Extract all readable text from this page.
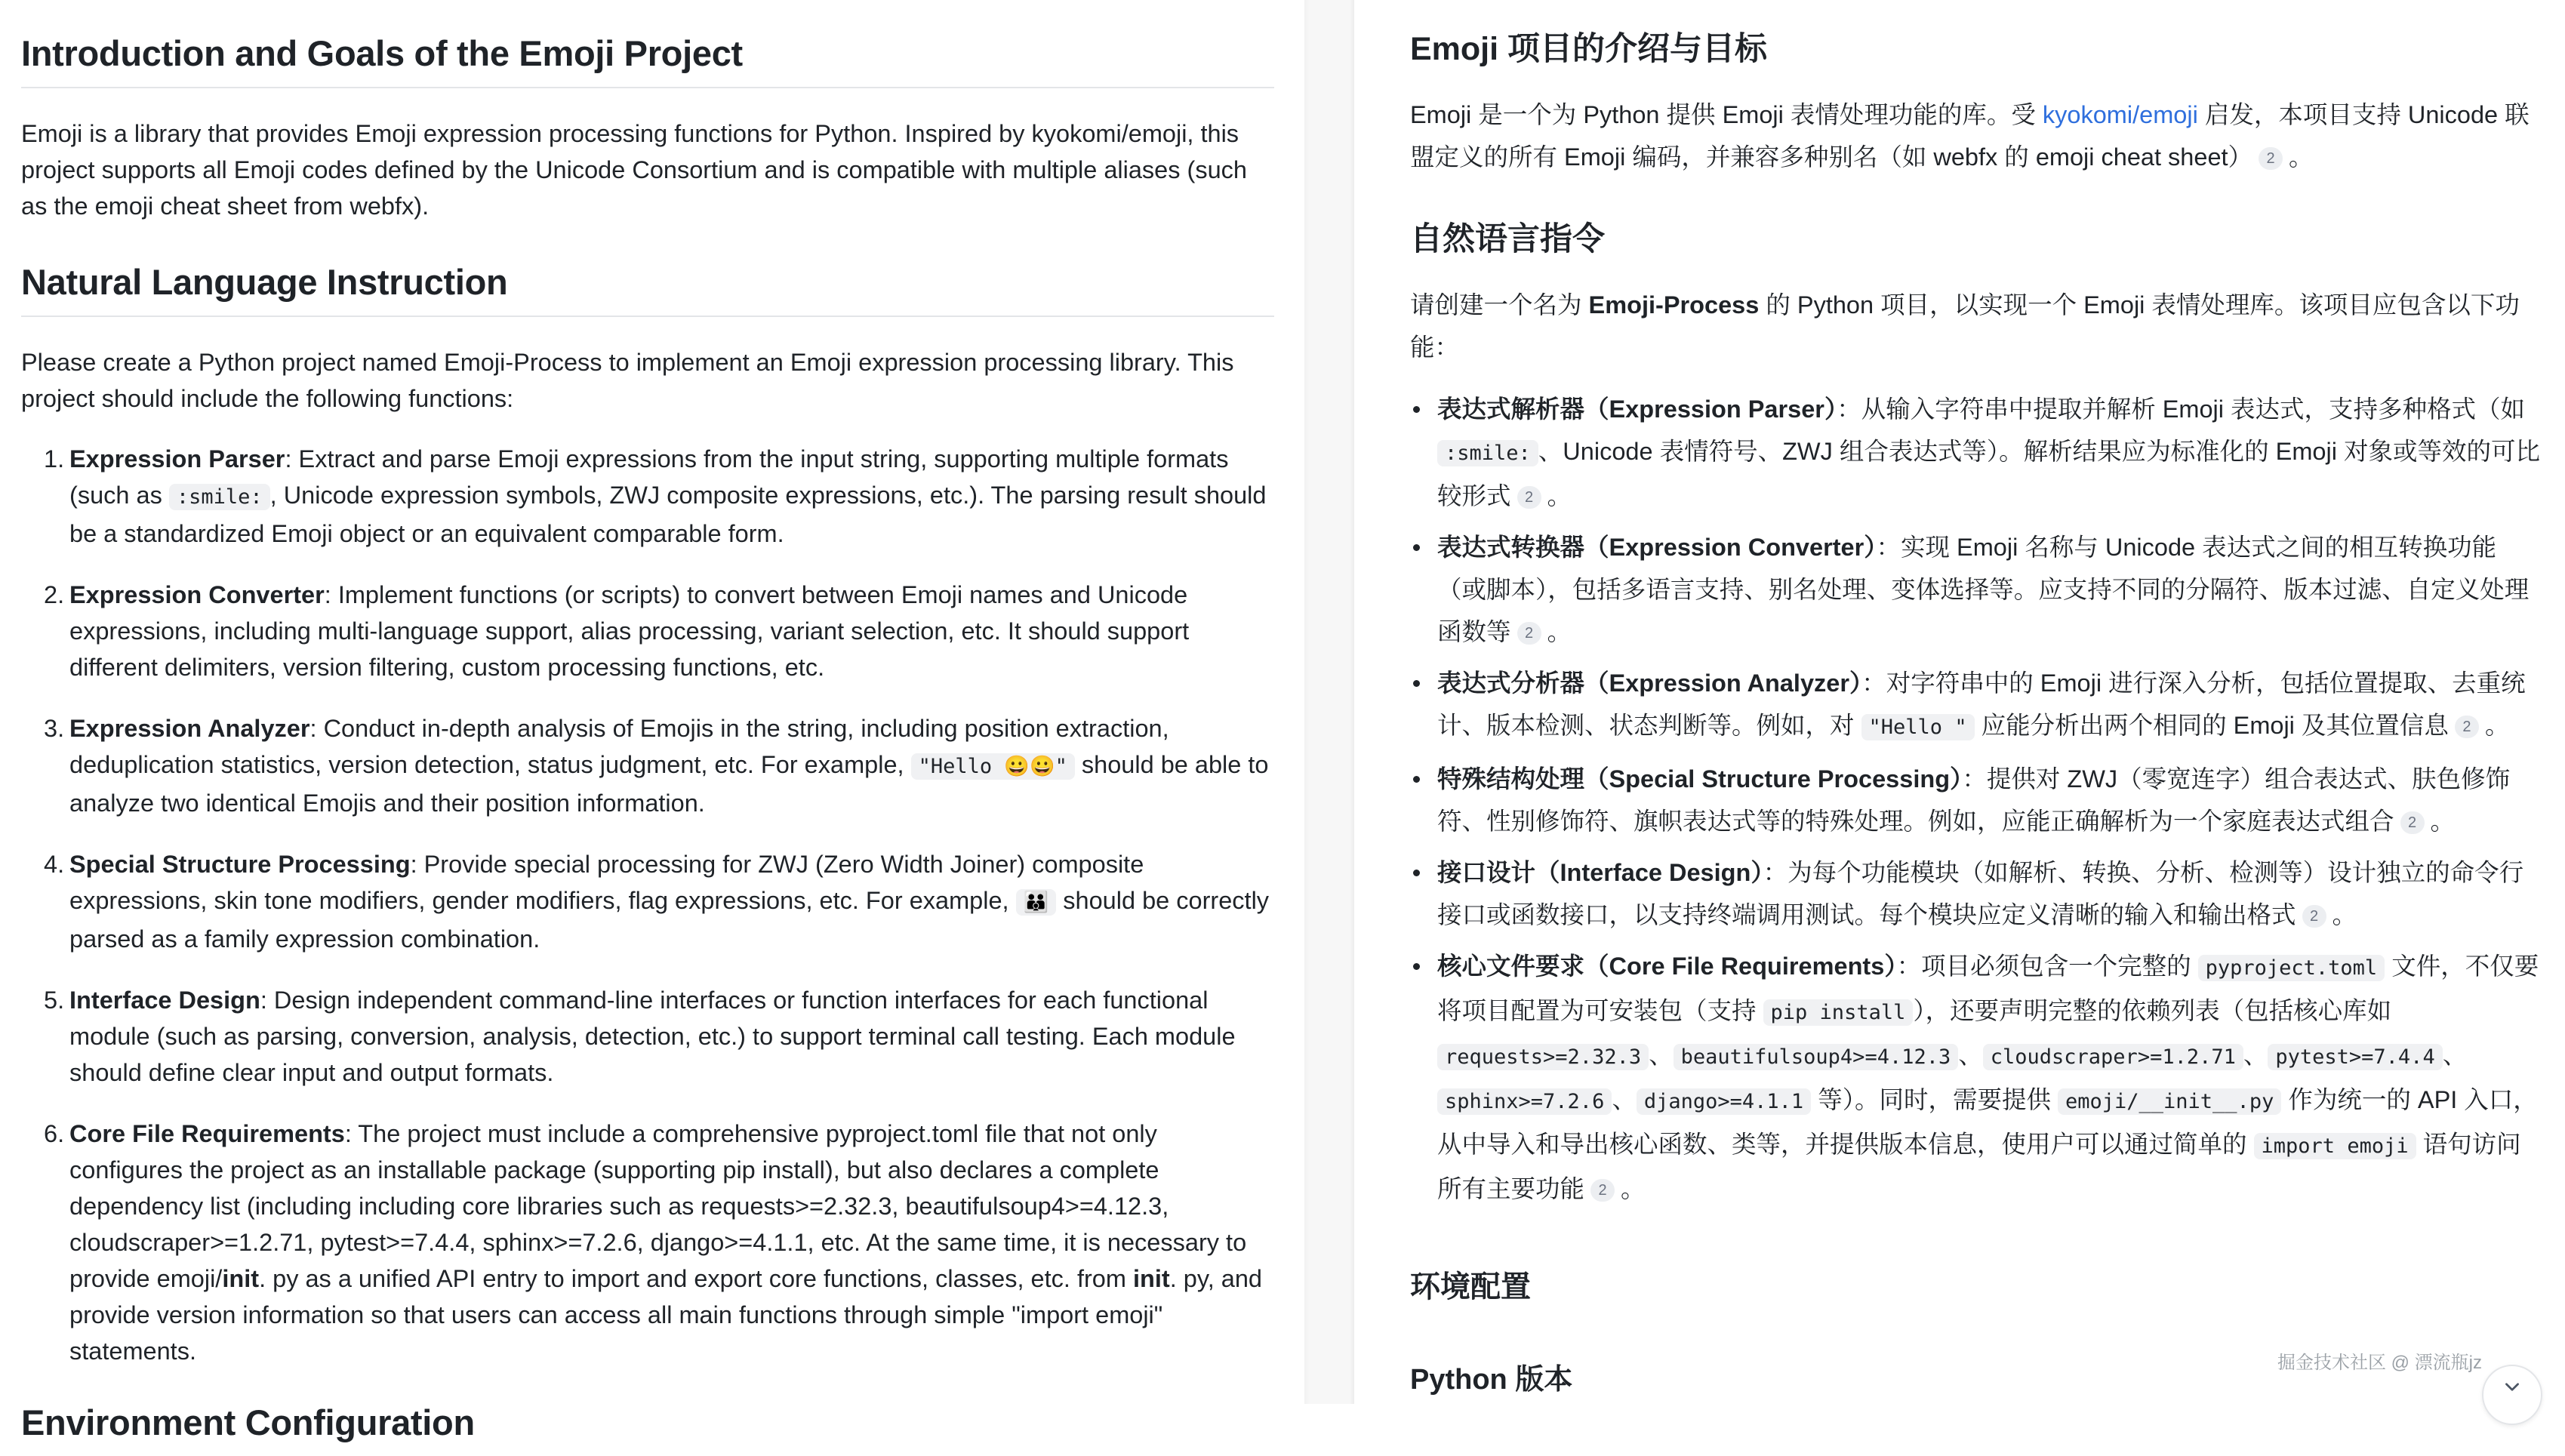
Introduction and Goals of the Emoji Project

Emoji is a library that provides Emoji expression processing functions for Python. Inspired by kyokomi/emoji, this project supports all Emoji codes defined by the Unicode Consortium and is compatible with multiple aliases (such as the emoji cheat sheet from webfx).

Natural Language Instruction

Please create a Python project named Emoji-Process to implement an Emoji expression processing library. This project should include the following functions:

1. Expression Parser: Extract and parse Emoji expressions from the input string, supporting multiple formats (such as :smile: , Unicode expression symbols, ZWJ composite expressions, etc.). The parsing result should be a standardized Emoji object or an equivalent comparable form.
2. Expression Converter: Implement functions (or scripts) to convert between Emoji names and Unicode expressions, including multi-language support, alias processing, variant selection, etc. It should support different delimiters, version filtering, custom processing functions, etc.
3. Expression Analyzer: Conduct in-depth analysis of Emojis in the string, including position extraction, deduplication statistics, version detection, status judgment, etc. For example, "Hello 😀😀" should be able to analyze two identical Emojis and their position information.
4. Special Structure Processing: Provide special processing for ZWJ (Zero Width Joiner) composite expressions, skin tone modifiers, gender modifiers, flag expressions, etc. For example, 👪 should be correctly parsed as a family expression combination.
5. Interface Design: Design independent command-line interfaces or function interfaces for each functional module (such as parsing, conversion, analysis, detection, etc.) to support terminal call testing. Each module should define clear input and output formats.
6. Core File Requirements: The project must include a comprehensive pyproject.toml file that not only configures the project as an installable package (supporting pip install), but also declares a complete dependency list (including including core libraries such as requests>=2.32.3, beautifulsoup4>=4.12.3, cloudscraper>=1.2.71, pytest>=7.4.4, sphinx>=7.2.6, django>=4.1.1, etc. At the same time, it is necessary to provide emoji/init. py as a unified API entry to import and export core functions, classes, etc. from init. py, and provide version information so that users can access all main functions through simple "import emoji" statements.
Environment Configuration
Emoji 项目的介绍与目标

Emoji 是一个为 Python 提供 Emoji 表情处理功能的库。受 kyokomi/emoji 启发，本项目支持 Unicode 联盟定义的所有 Emoji 编码，并兼容多种别名（如 webfx 的 emoji cheat sheet） 2 。

自然语言指令

请创建一个名为 Emoji-Process 的 Python 项目，以实现一个 Emoji 表情处理库。该项目应包含以下功能：

表达式解析器（Expression Parser）：从输入字符串中提取并解析 Emoji 表达式，支持多种格式（如 :smile: 、Unicode 表情符号、ZWJ 组合表达式等）。解析结果应为标准化的 Emoji 对象或等效的可比较形式 2 。
表达式转换器（Expression Converter）：实现 Emoji 名称与 Unicode 表达式之间的相互转换功能（或脚本），包括多语言支持、别名处理、变体选择等。应支持不同的分隔符、版本过滤、自定义处理函数等 2 。
表达式分析器（Expression Analyzer）：对字符串中的 Emoji 进行深入分析，包括位置提取、去重统计、版本检测、状态判断等。例如，对 "Hello " 应能分析出两个相同的 Emoji 及其位置信息 2 。
特殊结构处理（Special Structure Processing）：提供对 ZWJ（零宽连字）组合表达式、肤色修饰符、性别修饰符、旗帜表达式等的特殊处理。例如，应能正确解析为一个家庭表达式组合 2 。
接口设计（Interface Design）：为每个功能模块（如解析、转换、分析、检测等）设计独立的命令行接口或函数接口，以支持终端调用测试。每个模块应定义清晰的输入和输出格式 2 。
核心文件要求（Core File Requirements）：项目必须包含一个完整的 pyproject.toml 文件，不仅要将项目配置为可安装包（支持 pip install ），还要声明完整的依赖列表（包括核心库如 requests>=2.32.3 、 beautifulsoup4>=4.12.3 、 cloudscraper>=1.2.71 、 pytest>=7.4.4 、sphinx>=7.2.6 、 django>=4.1.1 等）。同时，需要提供 emoji/__init__.py 作为统一的 API 入口，从中导入和导出核心函数、类等，并提供版本信息，使用户可以通过简单的 import emoji 语句访问所有主要功能 2 。
环境配置
Python 版本
掘金技术社区 @ 漂流瓶jz
